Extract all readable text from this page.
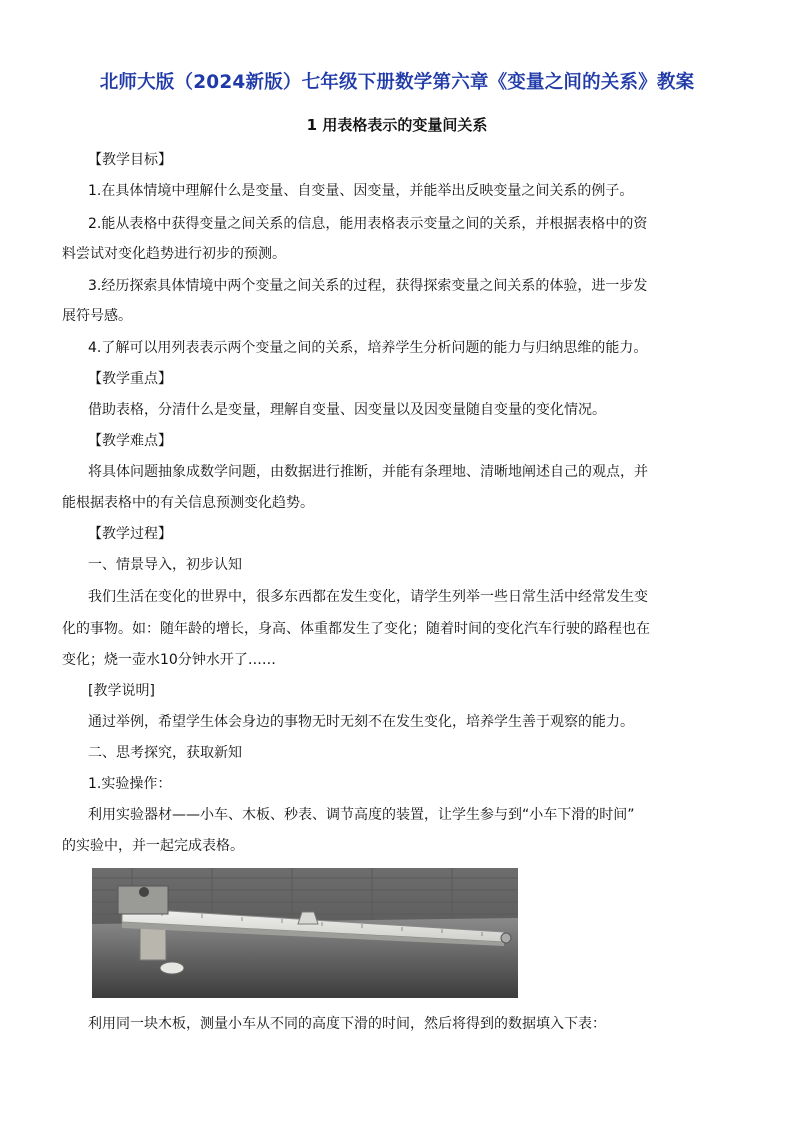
北师大版（2024新版）七年级下册数学第六章《变量之间的关系》教案
1 用表格表示的变量间关系
【教学目标】
1.在具体情境中理解什么是变量、自变量、因变量，并能举出反映变量之间关系的例子。
2.能从表格中获得变量之间关系的信息，能用表格表示变量之间的关系，并根据表格中的资
料尝试对变化趋势进行初步的预测。
3.经历探索具体情境中两个变量之间关系的过程，获得探索变量之间关系的体验，进一步发
展符号感。
4.了解可以用列表表示两个变量之间的关系，培养学生分析问题的能力与归纳思维的能力。
【教学重点】
借助表格，分清什么是变量，理解自变量、因变量以及因变量随自变量的变化情况。
【教学难点】
将具体问题抽象成数学问题，由数据进行推断，并能有条理地、清晰地阐述自己的观点，并
能根据表格中的有关信息预测变化趋势。
【教学过程】
一、情景导入，初步认知
我们生活在变化的世界中，很多东西都在发生变化，请学生列举一些日常生活中经常发生变
化的事物。如：随年龄的增长，身高、体重都发生了变化；随着时间的变化汽车行驶的路程也在
变化；烧一壶水10分钟水开了……
[教学说明]
通过举例，希望学生体会身边的事物无时无刻不在发生变化，培养学生善于观察的能力。
二、思考探究，获取新知
1.实验操作：
利用实验器材——小车、木板、秒表、调节高度的装置，让学生参与到“小车下滑的时间”
的实验中，并一起完成表格。
利用同一块木板，测量小车从不同的高度下滑的时间，然后将得到的数据填入下表：
